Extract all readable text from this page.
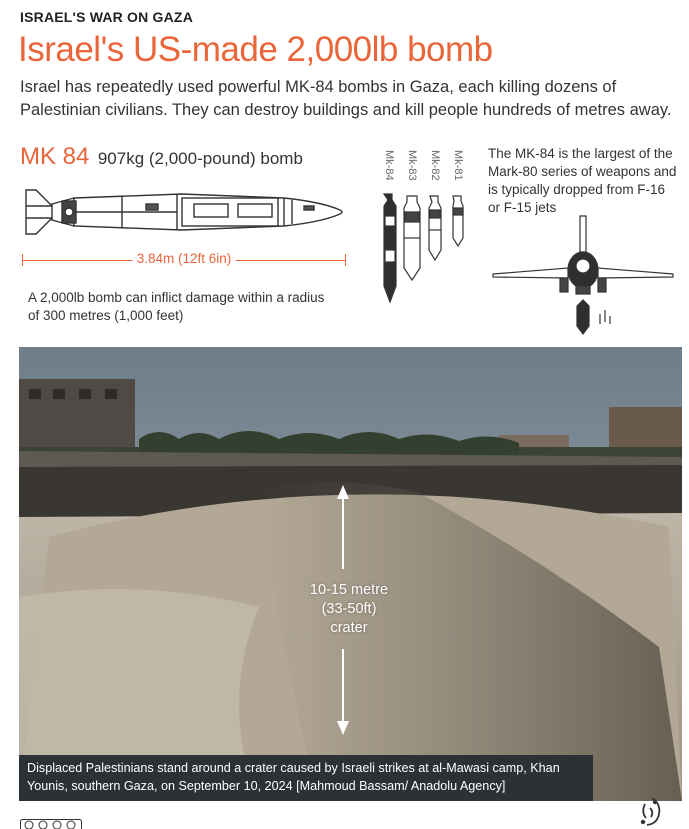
ISRAEL'S WAR ON GAZA
Israel's US-made 2,000lb bomb
Israel has repeatedly used powerful MK-84 bombs in Gaza, each killing dozens of Palestinian civilians. They can destroy buildings and kill people hundreds of metres away.
MK 84 907kg (2,000-pound) bomb
3.84m (12ft 6in)
A 2,000lb bomb can inflict damage within a radius of 300 metres (1,000 feet)
Mk-84 Mk-83 Mk-82 Mk-81 The MK-84 is the largest of the Mark-80 series of weapons and is typically dropped from F-16 or F-15 jets
10-15 metre
(33-50ft)
crater
Displaced Palestinians stand around a crater caused by Israeli strikes at al-Mawasi camp, Khan Younis, southern Gaza, on September 10, 2024 [Mahmoud Bassam/ Anadolu Agency]
